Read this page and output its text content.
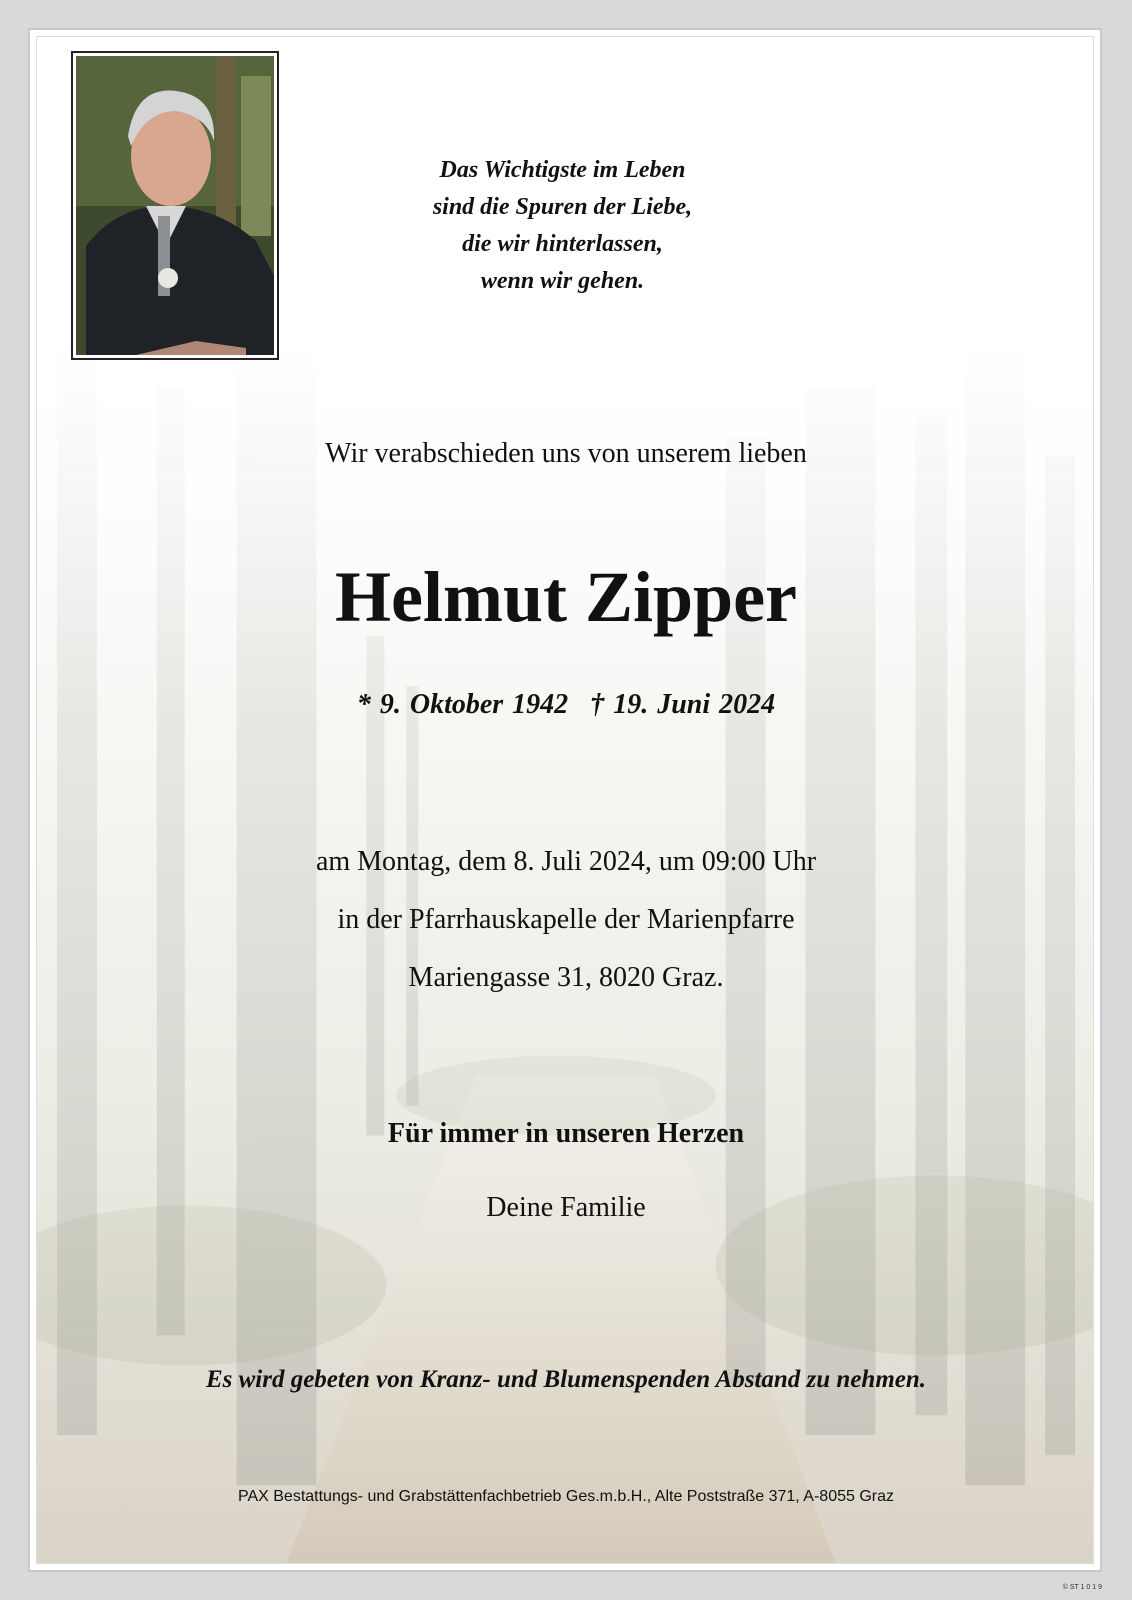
Das Wichtigste im Leben
sind die Spuren der Liebe,
die wir hinterlassen,
wenn wir gehen.
Wir verabschieden uns von unserem lieben
Helmut Zipper
* 9. Oktober 1942 † 19. Juni 2024
am Montag, dem 8. Juli 2024, um 09:00 Uhr
in der Pfarrhauskapelle der Marienpfarre
Mariengasse 31, 8020 Graz.
Für immer in unseren Herzen
Deine Familie
Es wird gebeten von Kranz- und Blumenspenden Abstand zu nehmen.
PAX Bestattungs- und Grabstättenfachbetrieb Ges.m.b.H., Alte Poststraße 371, A-8055 Graz
© ST 1 0 1 9
